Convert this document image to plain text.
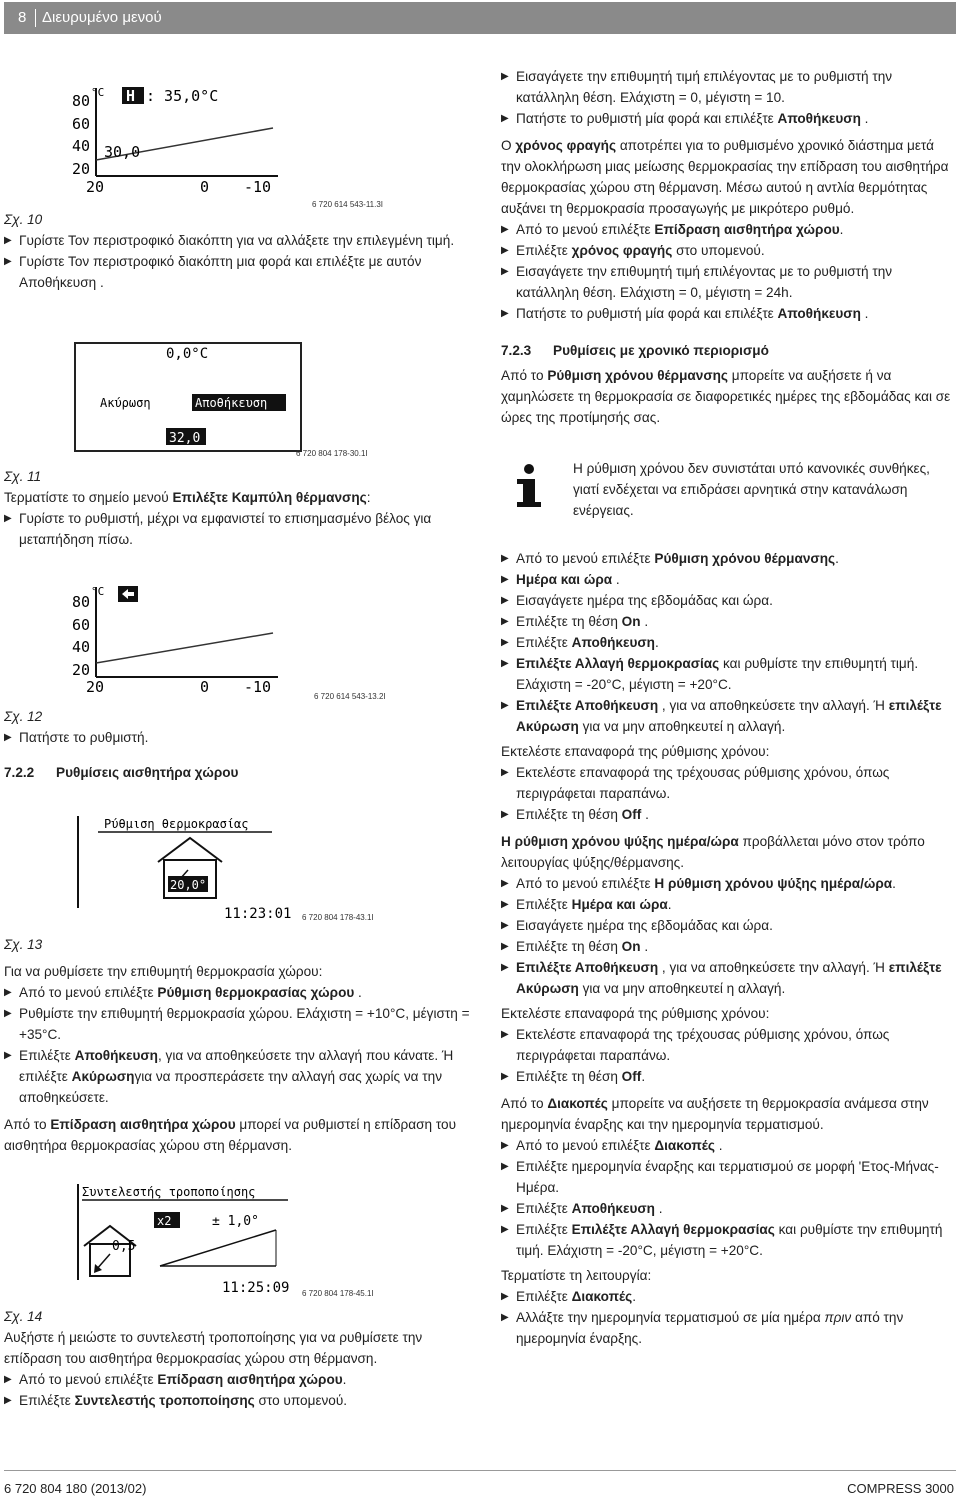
8 Διευρυμένο μενού
80
60
40
20
°C H : 35,0°C
30,0
20	0 -10
6 720 614 543-11.3I

Σχ. 10

▶ Γυρίστε Τον περιστροφικό διακόπτη για να αλλάξετε την επιλεγμένη τιμή.

▶ Γυρίστε Τον περιστροφικό διακόπτη μια φορά και επιλέξτε με αυτόν Αποθήκευση .

0,0°C
Ακύρωση	Αποθήκευση
32,0
6 720 804 178-30.1I

Σχ. 11

Τερματίστε το σημείο μενού Επιλέξτε Καμπύλη θέρμανσης:

▶ Γυρίστε το ρυθμιστή, μέχρι να εμφανιστεί το επισημασμένο βέλος για μεταπήδηση πίσω.

80
60
40
20
°C
20	0 -10
6 720 614 543-13.2I

Σχ. 12

▶ Πατήστε το ρυθμιστή.

7.2.2 Ρυθμίσεις αισθητήρα χώρου

Ρύθμιση θερμοκρασίας
20,0°
11:23:01 6 720 804 178-43.1I

Σχ. 13

Για να ρυθμίσετε την επιθυμητή θερμοκρασία χώρου:

▶ Από το μενού επιλέξτε Ρύθμιση θερμοκρασίας χώρου .

▶ Ρυθμίστε την επιθυμητή θερμοκρασία χώρου. Ελάχιστη = +10°C, μέγιστη = +35°C.

▶ Επιλέξτε Αποθήκευση, για να αποθηκεύσετε την αλλαγή που κάνατε. Ή επιλέξτε Ακύρωσηγια να προσπεράσετε την αλλαγή σας χωρίς να την αποθηκεύσετε.

Από το Επίδραση αισθητήρα χώρου μπορεί να ρυθμιστεί η επίδραση του αισθητήρα θερμοκρασίας χώρου στη θέρμανση.

Συντελεστής τροποποίησης
x2	± 1,0°
0,5
11:25:09 6 720 804 178-45.1I

Σχ. 14

Αυξήστε ή μειώστε το συντελεστή τροποποίησης για να ρυθμίσετε την επίδραση του αισθητήρα θερμοκρασίας χώρου στη θέρμανση.

▶ Από το μενού επιλέξτε Επίδραση αισθητήρα χώρου.

▶ Επιλέξτε Συντελεστής τροποποίησης στο υπομενού.

▶ Εισαγάγετε την επιθυμητή τιμή επιλέγοντας με το ρυθμιστή την κατάλληλη θέση. Ελάχιστη = 0, μέγιστη = 10.

▶ Πατήστε το ρυθμιστή μία φορά και επιλέξτε Αποθήκευση .

Ο χρόνος φραγής αποτρέπει για το ρυθμισμένο χρονικό διάστημα μετά την ολοκλήρωση μιας μείωσης θερμοκρασίας την επίδραση του αισθητήρα θερμοκρασίας χώρου στη θέρμανση. Μέσω αυτού η αντλία θερμότητας αυξάνει τη θερμοκρασία προσαγωγής με μικρότερο ρυθμό.

▶ Από το μενού επιλέξτε Επίδραση αισθητήρα χώρου.

▶ Επιλέξτε χρόνος φραγής στο υπομενού.

▶ Εισαγάγετε την επιθυμητή τιμή επιλέγοντας με το ρυθμιστή την κατάλληλη θέση. Ελάχιστη = 0, μέγιστη = 24h.

▶ Πατήστε το ρυθμιστή μία φορά και επιλέξτε Αποθήκευση .

7.2.3 Ρυθμίσεις με χρονικό περιορισμό

Από το Ρύθμιση χρόνου θέρμανσης μπορείτε να αυξήσετε ή να χαμηλώσετε τη θερμοκρασία σε διαφορετικές ημέρες της εβδομάδας και σε ώρες της προτίμησής σας.

Η ρύθμιση χρόνου δεν συνιστάται υπό κανονικές συνθήκες, γιατί ενδέχεται να επιδράσει αρνητικά στην κατανάλωση ενέργειας.

▶ Από το μενού επιλέξτε Ρύθμιση χρόνου θέρμανσης.

▶ Ημέρα και ώρα .

▶ Εισαγάγετε ημέρα της εβδομάδας και ώρα.

▶ Επιλέξτε τη θέση On .

▶ Επιλέξτε Αποθήκευση.

▶ Επιλέξτε Αλλαγή θερμοκρασίας και ρυθμίστε την επιθυμητή τιμή. Ελάχιστη = -20°C, μέγιστη = +20°C.

▶ Επιλέξτε Αποθήκευση , για να αποθηκεύσετε την αλλαγή. Ή επιλέξτε Ακύρωση για να μην αποθηκευτεί η αλλαγή.

Εκτελέστε επαναφορά της ρύθμισης χρόνου:

▶ Εκτελέστε επαναφορά της τρέχουσας ρύθμισης χρόνου, όπως περιγράφεται παραπάνω.

▶ Επιλέξτε τη θέση Off .

Η ρύθμιση χρόνου ψύξης ημέρα/ώρα προβάλλεται μόνο στον τρόπο λειτουργίας ψύξης/θέρμανσης.

▶ Από το μενού επιλέξτε Η ρύθμιση χρόνου ψύξης ημέρα/ώρα.

▶ Επιλέξτε Ημέρα και ώρα.

▶ Εισαγάγετε ημέρα της εβδομάδας και ώρα.

▶ Επιλέξτε τη θέση On .

▶ Επιλέξτε Αποθήκευση , για να αποθηκεύσετε την αλλαγή. Ή επιλέξτε Ακύρωση για να μην αποθηκευτεί η αλλαγή.

Εκτελέστε επαναφορά της ρύθμισης χρόνου:

▶ Εκτελέστε επαναφορά της τρέχουσας ρύθμισης χρόνου, όπως περιγράφεται παραπάνω.

▶ Επιλέξτε τη θέση Off.

Από το Διακοπές μπορείτε να αυξήσετε τη θερμοκρασία ανάμεσα στην ημερομηνία έναρξης και την ημερομηνία τερματισμού.

▶ Από το μενού επιλέξτε Διακοπές .

▶ Επιλέξτε ημερομηνία έναρξης και τερματισμού σε μορφή 'Ετος-Μήνας-Ημέρα.

▶ Επιλέξτε Αποθήκευση .

▶ Επιλέξτε Επιλέξτε Αλλαγή θερμοκρασίας και ρυθμίστε την επιθυμητή τιμή. Ελάχιστη = -20°C, μέγιστη = +20°C.

Τερματίστε τη λειτουργία:

▶ Επιλέξτε Διακοπές.

▶ Αλλάξτε την ημερομηνία τερματισμού σε μία ημέρα πριν από την ημερομηνία έναρξης.

6 720 804 180 (2013/02)	COMPRESS 3000
